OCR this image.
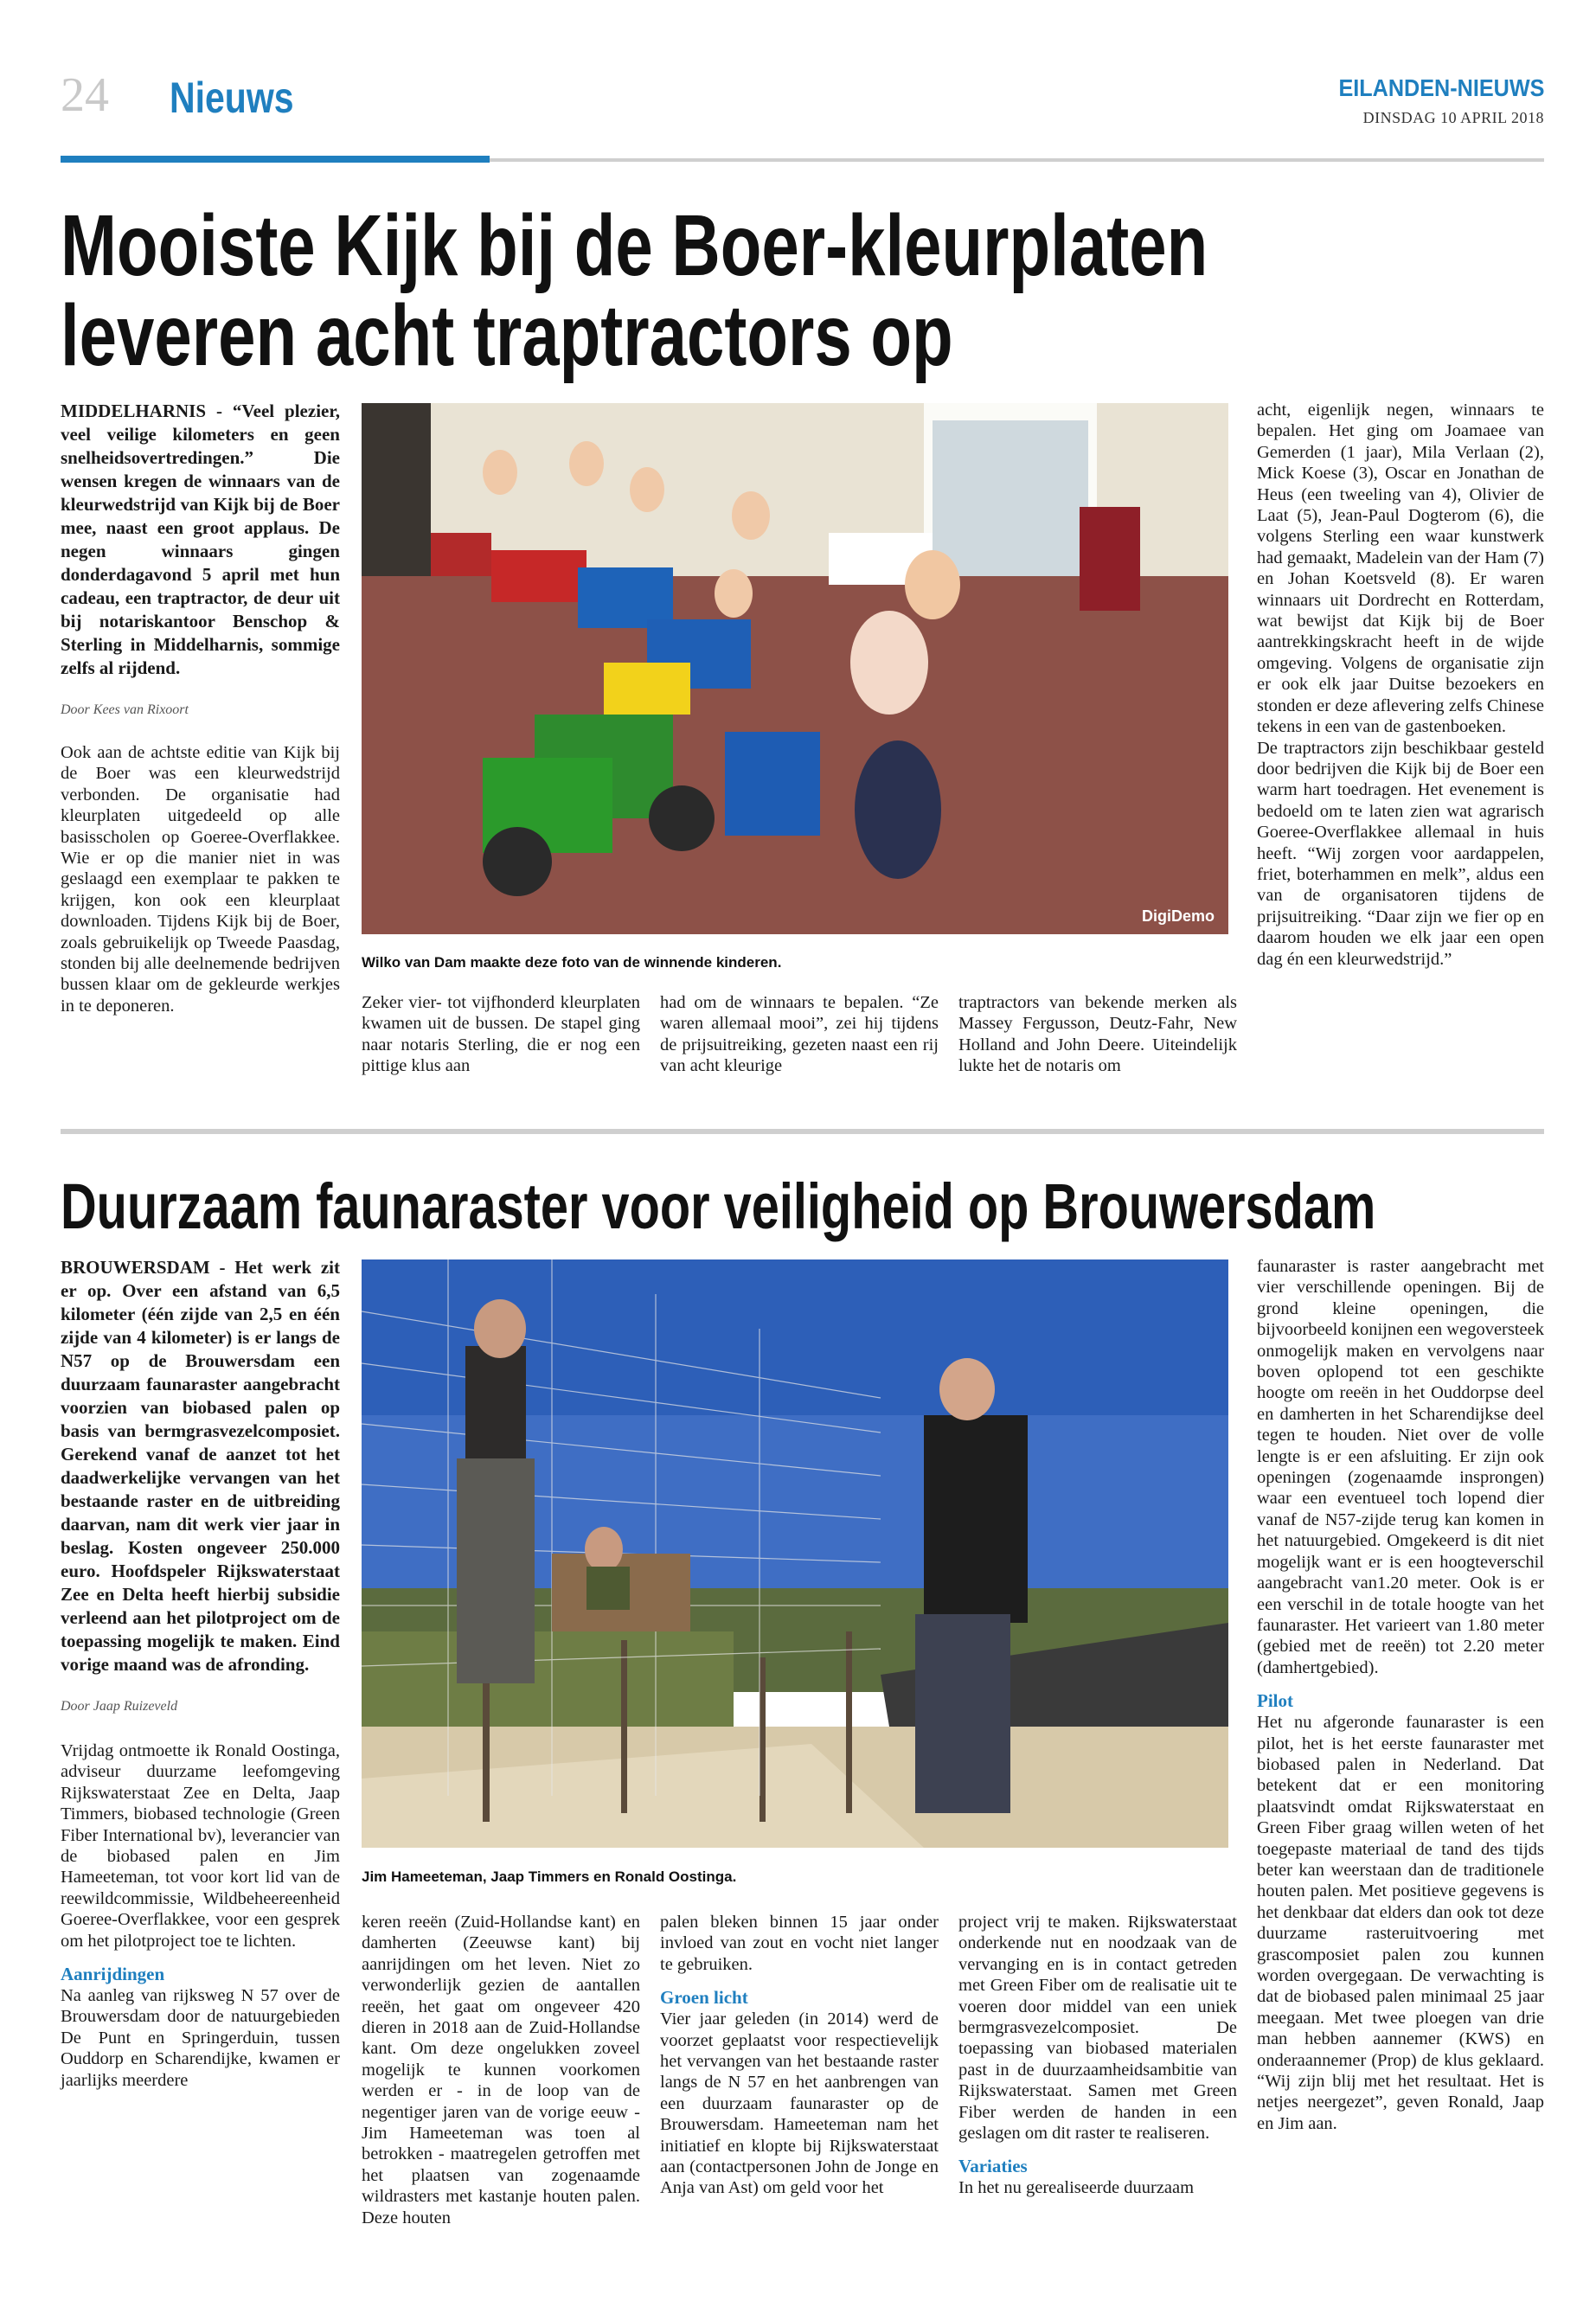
24 Nieuws	EILANDEN-NIEUWS
DINSDAG 10 APRIL 2018
Mooiste Kijk bij de Boer-kleurplaten
leveren acht traptractors op

MIDDELHARNIS - “Veel plezier, veel veilige kilometers en geen snelheidsovertredingen.” Die wensen kregen de winnaars van de kleurwedstrijd van Kijk bij de Boer mee, naast een groot applaus. De negen winnaars gingen donderdagavond 5 april met hun cadeau, een traptractor, de deur uit bij notariskantoor Benschop & Sterling in Middelharnis, sommige zelfs al rijdend.

Door Kees van Rixoort

Ook aan de achtste editie van Kijk bij de Boer was een kleurwedstrijd verbonden. De organisatie had kleurplaten uitgedeeld op alle basisscholen op Goeree-Overflakkee. Wie er op die manier niet in was geslaagd een exemplaar te pakken te krijgen, kon ook een kleurplaat downloaden. Tijdens Kijk bij de Boer, zoals gebruikelijk op Tweede Paasdag, stonden bij alle deelnemende bedrijven bussen klaar om de gekleurde werkjes in te deponeren.

DigiDemo
Wilko van Dam maakte deze foto van de winnende kinderen.

Zeker vier- tot vijfhonderd kleurplaten kwamen uit de bussen. De stapel ging naar notaris Sterling, die er nog een pittige klus aan

had om de winnaars te bepalen. “Ze waren allemaal mooi”, zei hij tijdens de prijsuitreiking, gezeten naast een rij van acht kleurige

traptractors van bekende merken als Massey Fergusson, Deutz-Fahr, New Holland and John Deere. Uiteindelijk lukte het de notaris om

acht, eigenlijk negen, winnaars te bepalen. Het ging om Joamaee van Gemerden (1 jaar), Mila Verlaan (2), Mick Koese (3), Oscar en Jonathan de Heus (een tweeling van 4), Olivier de Laat (5), Jean-Paul Dogterom (6), die volgens Sterling een waar kunstwerk had gemaakt, Madelein van der Ham (7) en Johan Koetsveld (8). Er waren winnaars uit Dordrecht en Rotterdam, wat bewijst dat Kijk bij de Boer aantrekkingskracht heeft in de wijde omgeving. Volgens de organisatie zijn er ook elk jaar Duitse bezoekers en stonden er deze aflevering zelfs Chinese tekens in een van de gastenboeken.

De traptractors zijn beschikbaar gesteld door bedrijven die Kijk bij de Boer een warm hart toedragen. Het evenement is bedoeld om te laten zien wat agrarisch Goeree-Overflakkee allemaal in huis heeft. “Wij zorgen voor aardappelen, friet, boterhammen en melk”, aldus een van de organisatoren tijdens de prijsuitreiking. “Daar zijn we fier op en daarom houden we elk jaar een open dag én een kleurwedstrijd.”

Duurzaam faunaraster voor veiligheid op Brouwersdam

BROUWERSDAM - Het werk zit er op. Over een afstand van 6,5 kilometer (één zijde van 2,5 en één zijde van 4 kilometer) is er langs de N57 op de Brouwersdam een duurzaam faunaraster aangebracht voorzien van biobased palen op basis van bermgrasvezelcomposiet. Gerekend vanaf de aanzet tot het daadwerkelijke vervangen van het bestaande raster en de uitbreiding daarvan, nam dit werk vier jaar in beslag. Kosten ongeveer 250.000 euro. Hoofdspeler Rijkswaterstaat Zee en Delta heeft hierbij subsidie verleend aan het pilotproject om de toepassing mogelijk te maken. Eind vorige maand was de afronding.

Door Jaap Ruizeveld

Vrijdag ontmoette ik Ronald Oostinga, adviseur duurzame leefomgeving Rijkswaterstaat Zee en Delta, Jaap Timmers, biobased technologie (Green Fiber International bv), leverancier van de biobased palen en Jim Hameeteman, tot voor kort lid van de reewildcommissie, Wildbeheereenheid Goeree-Overflakkee, voor een gesprek om het pilotproject toe te lichten.

Aanrijdingen

Na aanleg van rijksweg N 57 over de Brouwersdam door de natuurgebieden De Punt en Springerduin, tussen Ouddorp en Scharendijke, kwamen er jaarlijks meerdere

Jim Hameeteman, Jaap Timmers en Ronald Oostinga.

keren reeën (Zuid-Hollandse kant) en damherten (Zeeuwse kant) bij aanrijdingen om het leven. Niet zo verwonderlijk gezien de aantallen reeën, het gaat om ongeveer 420 dieren in 2018 aan de Zuid-Hollandse kant. Om deze ongelukken zoveel mogelijk te kunnen voorkomen werden er - in de loop van de negentiger jaren van de vorige eeuw - Jim Hameeteman was toen al betrokken - maatregelen getroffen met het plaatsen van zogenaamde wildrasters met kastanje houten palen. Deze houten

palen bleken binnen 15 jaar onder invloed van zout en vocht niet langer te gebruiken.

Groen licht

Vier jaar geleden (in 2014) werd de voorzet geplaatst voor respectievelijk het vervangen van het bestaande raster langs de N 57 en het aanbrengen van een duurzaam faunaraster op de Brouwersdam. Hameeteman nam het initiatief en klopte bij Rijkswaterstaat aan (contactpersonen John de Jonge en Anja van Ast) om geld voor het

project vrij te maken. Rijkswaterstaat onderkende nut en noodzaak van de vervanging en is in contact getreden met Green Fiber om de realisatie uit te voeren door middel van een uniek bermgrasvezelcomposiet. De toepassing van biobased materialen past in de duurzaamheidsambitie van Rijkswaterstaat. Samen met Green Fiber werden de handen in een geslagen om dit raster te realiseren.

Variaties

In het nu gerealiseerde duurzaam

faunaraster is raster aangebracht met vier verschillende openingen. Bij de grond kleine openingen, die bijvoorbeeld konijnen een wegoversteek onmogelijk maken en vervolgens naar boven oplopend tot een geschikte hoogte om reeën in het Ouddorpse deel en damherten in het Scharendijkse deel tegen te houden. Niet over de volle lengte is er een afsluiting. Er zijn ook openingen (zogenaamde insprongen) waar een eventueel toch lopend dier vanaf de N57-zijde terug kan komen in het natuurgebied. Omgekeerd is dit niet mogelijk want er is een hoogteverschil aangebracht van1.20 meter. Ook is er een verschil in de totale hoogte van het faunaraster. Het varieert van 1.80 meter (gebied met de reeën) tot 2.20 meter (damhertgebied).

Pilot

Het nu afgeronde faunaraster is een pilot, het is het eerste faunaraster met biobased palen in Nederland. Dat betekent dat er een monitoring plaatsvindt omdat Rijkswaterstaat en Green Fiber graag willen weten of het toegepaste materiaal de tand des tijds beter kan weerstaan dan de traditionele houten palen. Met positieve gegevens is het denkbaar dat elders dan ook tot deze duurzame rasteruitvoering met grascomposiet palen zou kunnen worden overgegaan. De verwachting is dat de biobased palen minimaal 25 jaar meegaan. Met twee ploegen van drie man hebben aannemer (KWS) en onderaannemer (Prop) de klus geklaard. “Wij zijn blij met het resultaat. Het is netjes neergezet”, geven Ronald, Jaap en Jim aan.
